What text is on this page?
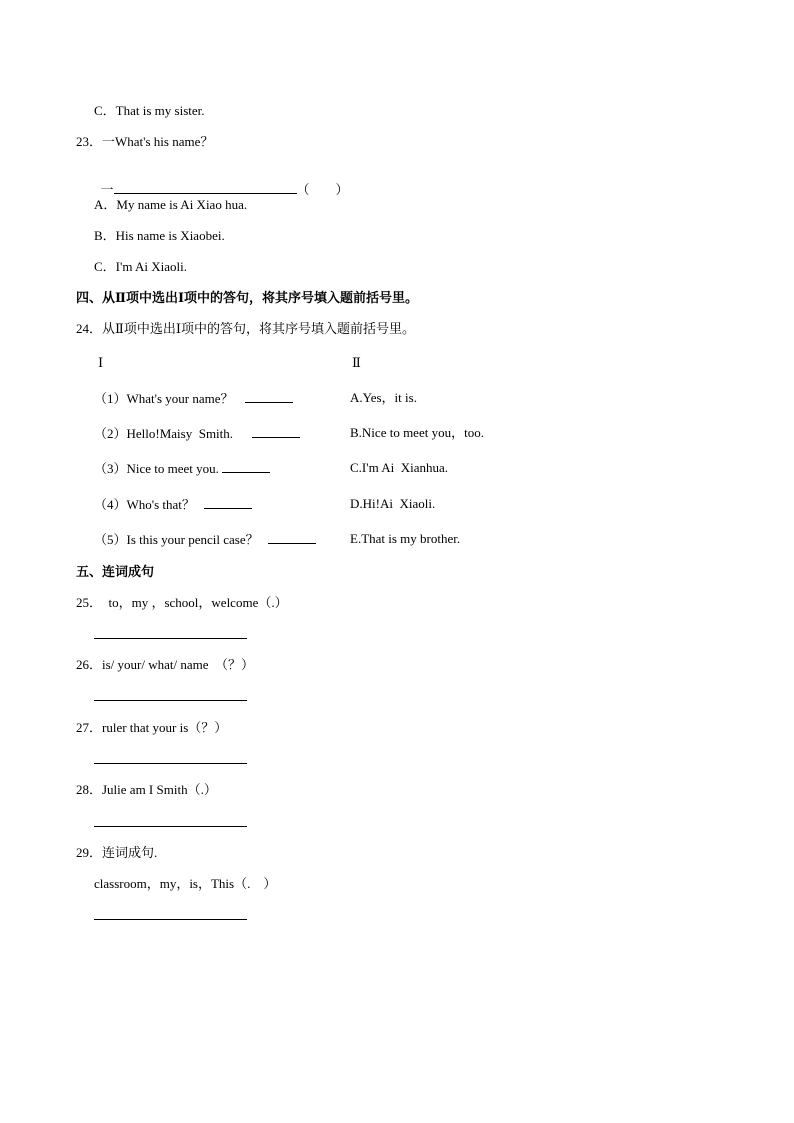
C．That is my sister.
23．一What's his name？

一	（　　）

A．My name is Ai Xiao hua.
B．His name is Xiaobei.
C．I'm Ai Xiaoli.
四、从Ⅱ项中选出Ⅰ项中的答句，将其序号填入题前括号里。
24．从Ⅱ项中选出Ⅰ项中的答句，将其序号填入题前括号里。
Ⅰ	Ⅱ
（1）What's your name？
（2）Hello!Maisy  Smith.
（3）Nice to meet you.
（4）Who's that？
（5）Is this your pencil case？
A.Yes，it is.
B.Nice to meet you，too.
C.I'm Ai  Xianhua.
D.Hi!Ai  Xiaoli.
E.That is my brother.
五、连词成句
25．  to，my ，school，welcome（.）
26．is/ your/ what/ name  （？）
27．ruler that your is（？）
28．Julie am I Smith（.）
29．连词成句.
classroom，my，is，This（.    ）
